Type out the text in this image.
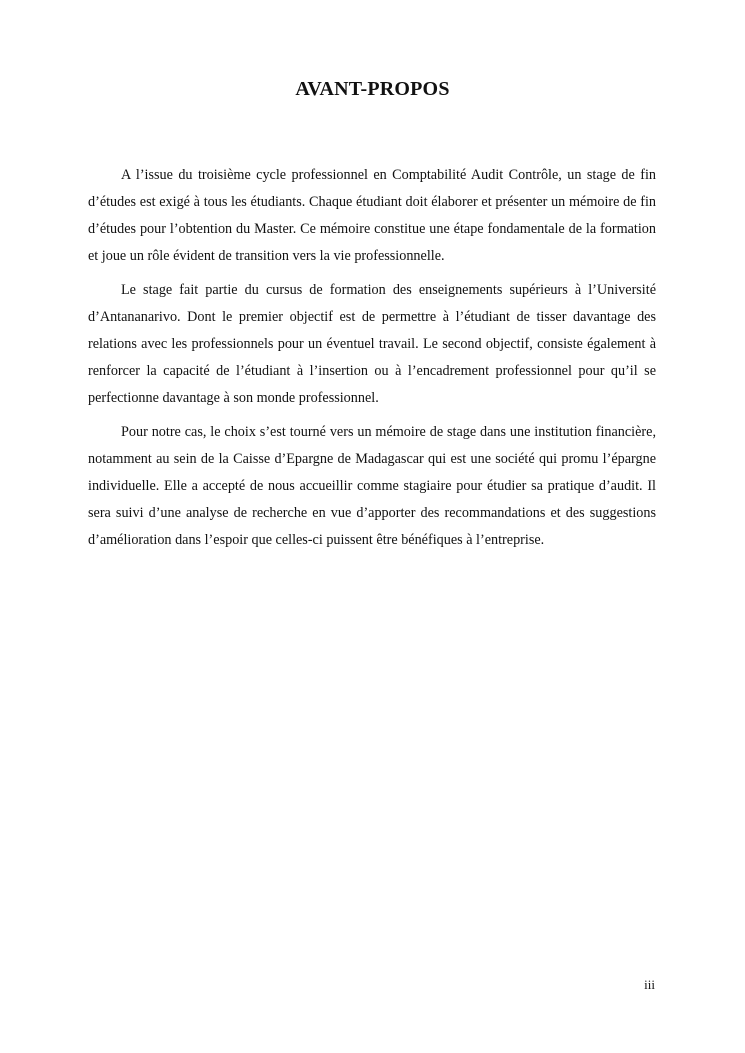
AVANT-PROPOS

A l’issue du troisième cycle professionnel en Comptabilité Audit Contrôle, un stage de fin d’études est exigé à tous les étudiants. Chaque étudiant doit élaborer et présenter un mémoire de fin d’études pour l’obtention du Master. Ce mémoire constitue une étape fondamentale de la formation et joue un rôle évident de transition vers la vie professionnelle.

Le stage fait partie du cursus de formation des enseignements supérieurs à l’Université d’Antananarivo. Dont le premier objectif est de permettre à l’étudiant de tisser davantage des relations avec les professionnels pour un éventuel travail. Le second objectif, consiste également à renforcer la capacité de l’étudiant à l’insertion ou à l’encadrement professionnel pour qu’il se perfectionne davantage à son monde professionnel.

Pour notre cas, le choix s’est tourné vers un mémoire de stage dans une institution financière, notamment au sein de la Caisse d’Epargne de Madagascar qui est une société qui promu l’épargne individuelle. Elle a accepté de nous accueillir comme stagiaire pour étudier sa pratique d’audit. Il sera suivi d’une analyse de recherche en vue d’apporter des recommandations et des suggestions d’amélioration dans l’espoir que celles-ci puissent être bénéfiques à l’entreprise.

iii
